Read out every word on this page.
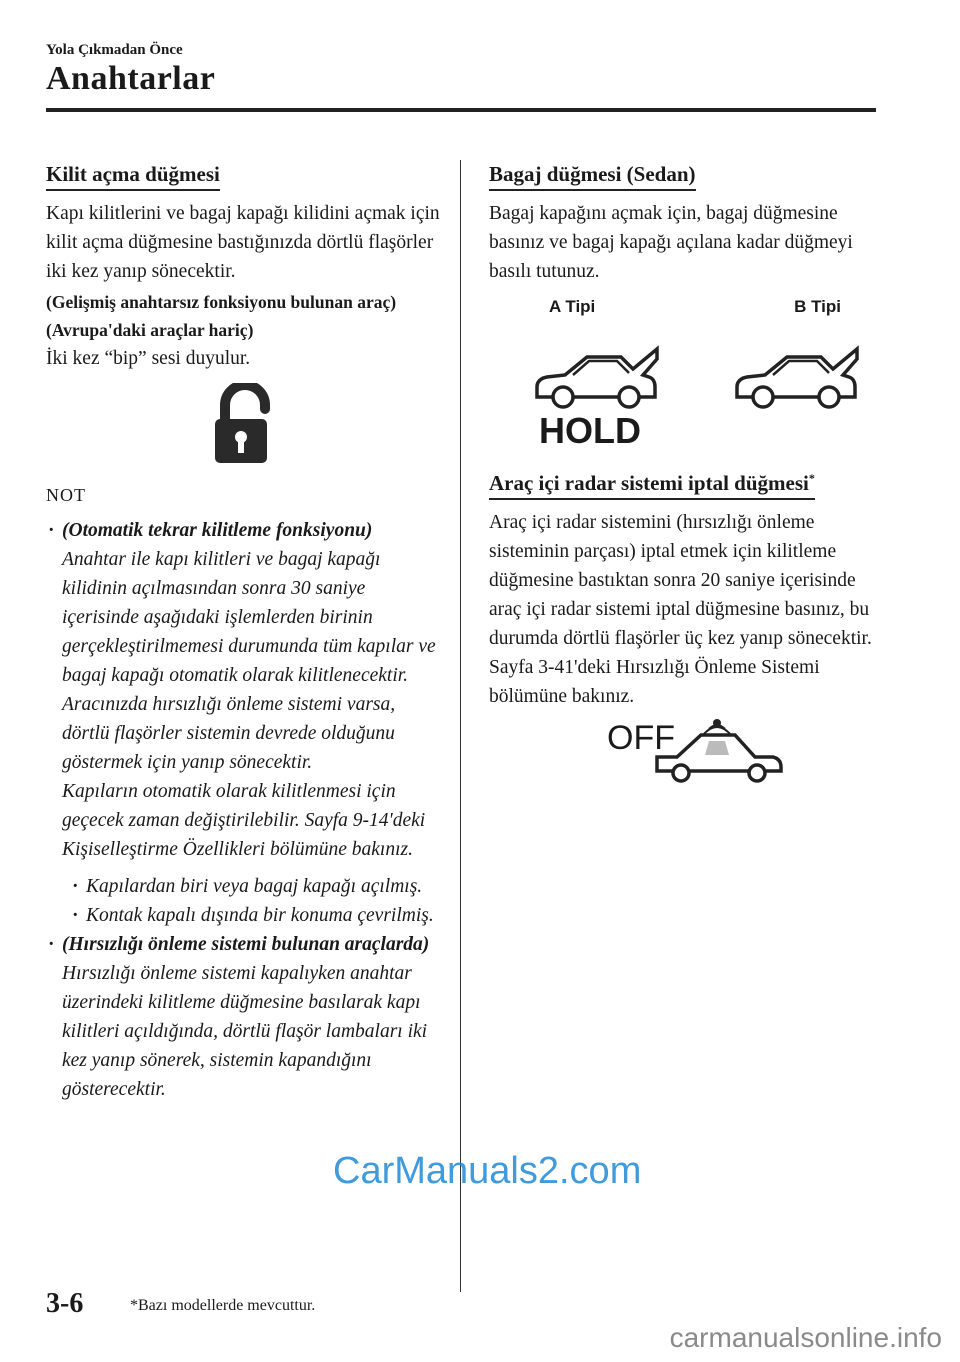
Yola Çıkmadan Önce
Anahtarlar
Kilit açma düğmesi

Kapı kilitlerini ve bagaj kapağı kilidini açmak için kilit açma düğmesine bastığınızda dörtlü flaşörler iki kez yanıp sönecektir.

(Gelişmiş anahtarsız fonksiyonu bulunan araç) (Avrupa'daki araçlar hariç)

İki kez “bip” sesi duyulur.

NOT
· (Otomatik tekrar kilitleme fonksiyonu)
Anahtar ile kapı kilitleri ve bagaj kapağı kilidinin açılmasından sonra 30 saniye içerisinde aşağıdaki işlemlerden birinin gerçekleştirilmemesi durumunda tüm kapılar ve bagaj kapağı otomatik olarak kilitlenecektir. Aracınızda hırsızlığı önleme sistemi varsa, dörtlü flaşörler sistemin devrede olduğunu göstermek için yanıp sönecektir.
Kapıların otomatik olarak kilitlenmesi için geçecek zaman değiştirilebilir. Sayfa 9-14'deki Kişiselleştirme Özellikleri bölümüne bakınız.
· Kapılardan biri veya bagaj kapağı açılmış.
· Kontak kapalı dışında bir konuma çevrilmiş.
· (Hırsızlığı önleme sistemi bulunan araçlarda)
Hırsızlığı önleme sistemi kapalıyken anahtar üzerindeki kilitleme düğmesine basılarak kapı kilitleri açıldığında, dörtlü flaşör lambaları iki kez yanıp sönerek, sistemin kapandığını gösterecektir.
Bagaj düğmesi (Sedan)

Bagaj kapağını açmak için, bagaj düğmesine basınız ve bagaj kapağı açılana kadar düğmeyi basılı tutunuz.

A Tipi	B Tipi
HOLD
Araç içi radar sistemi iptal düğmesi*

Araç içi radar sistemini (hırsızlığı önleme sisteminin parçası) iptal etmek için kilitleme düğmesine bastıktan sonra 20 saniye içerisinde araç içi radar sistemi iptal düğmesine basınız, bu durumda dörtlü flaşörler üç kez yanıp sönecektir. Sayfa 3-41'deki Hırsızlığı Önleme Sistemi bölümüne bakınız.

OFF
3-6	*Bazı modellerde mevcuttur.
CarManuals2.com
carmanualsonline.info
